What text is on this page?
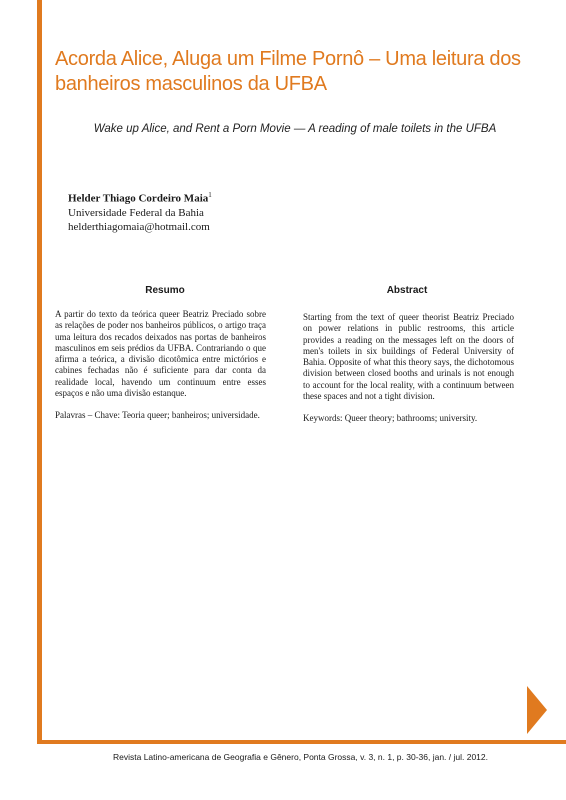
Acorda Alice, Aluga um Filme Pornô – Uma leitura dos banheiros masculinos da UFBA
Wake up Alice, and Rent a Porn Movie — A reading of male toilets in the UFBA
Helder Thiago Cordeiro Maia$^1$
Universidade Federal da Bahia
helderthiagomaia@hotmail.com
Resumo	Abstract

A partir do texto da teórica queer Beatriz Preciado sobre as relações de poder nos banheiros públicos, o artigo traça uma leitura dos recados deixados nas portas de banheiros masculinos em seis prédios da UFBA. Contrariando o que afirma a teórica, a divisão dicotômica entre mictórios e cabines fechadas não é suficiente para dar conta da realidade local, havendo um continuum entre esses espaços e não uma divisão estanque.

Palavras – Chave: Teoria queer; banheiros; universidade.

Starting from the text of queer theorist Beatriz Preciado on power relations in public restrooms, this article provides a reading on the messages left on the doors of men's toilets in six buildings of Federal University of Bahia. Opposite of what this theory says, the dichotomous division between closed booths and urinals is not enough to account for the local reality, with a continuum between these spaces and not a tight division.

Keywords: Queer theory; bathrooms; university.

Revista Latino-americana de Geografia e Gênero, Ponta Grossa, v. 3, n. 1, p. 30-36, jan. / jul. 2012.
